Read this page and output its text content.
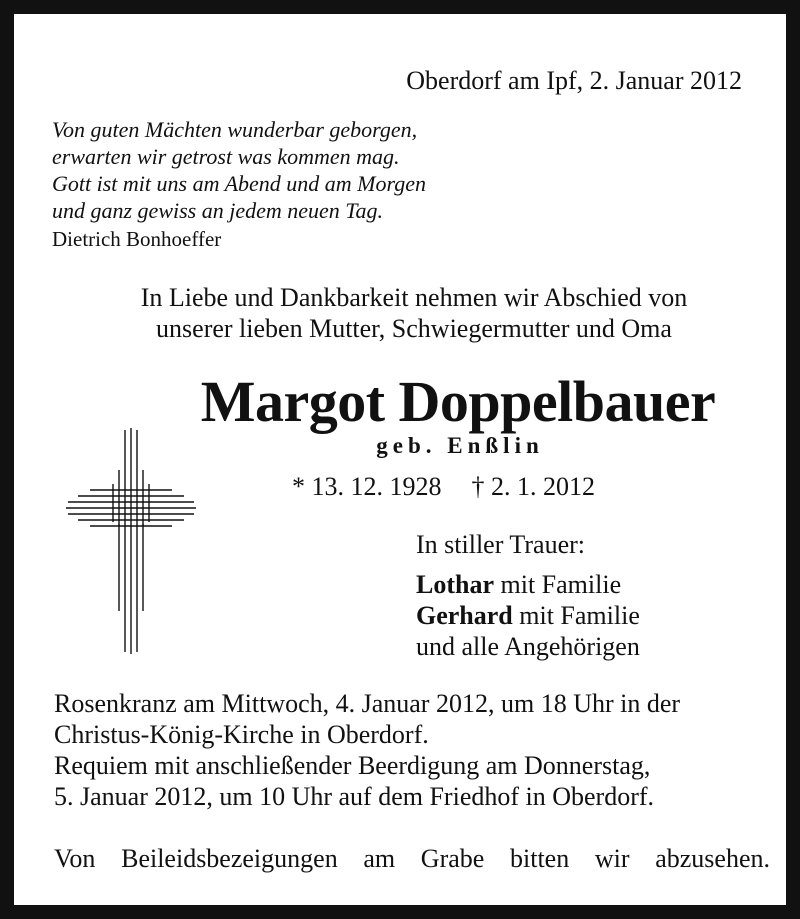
Oberdorf am Ipf, 2. Januar 2012
Von guten Mächten wunderbar geborgen,
erwarten wir getrost was kommen mag.
Gott ist mit uns am Abend und am Morgen
und ganz gewiss an jedem neuen Tag.
Dietrich Bonhoeffer
In Liebe und Dankbarkeit nehmen wir Abschied von
unserer lieben Mutter, Schwiegermutter und Oma
Margot Doppelbauer
geb. Enßlin
* 13. 12. 1928 † 2. 1. 2012
In stiller Trauer:
Lothar mit Familie
Gerhard mit Familie
und alle Angehörigen
Rosenkranz am Mittwoch, 4. Januar 2012, um 18 Uhr in der
Christus-König-Kirche in Oberdorf.
Requiem mit anschließender Beerdigung am Donnerstag,
5. Januar 2012, um 10 Uhr auf dem Friedhof in Oberdorf.
Von Beileidsbezeigungen am Grabe bitten wir abzusehen.
